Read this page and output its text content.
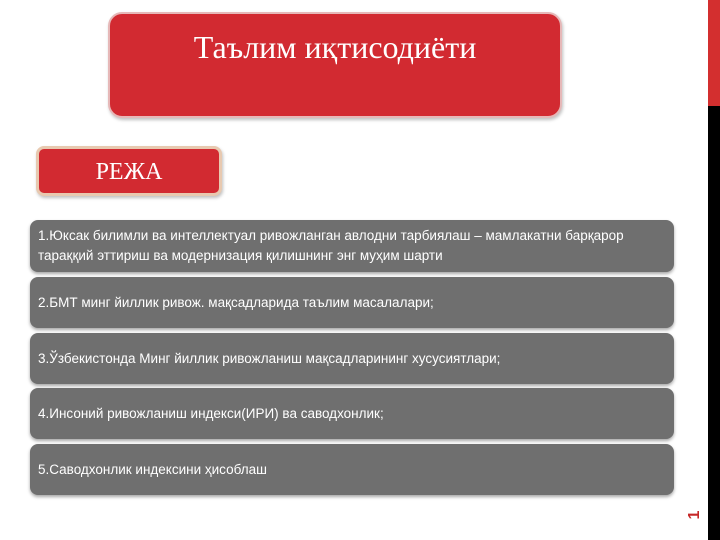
1
Таълим иқтисодиёти
РЕЖА
1.Юксак билимли ва интеллектуал ривожланган авлодни тарбиялаш – мамлакатни барқарор тараққий эттириш ва модернизация қилишнинг энг муҳим шарти
2.БМТ минг йиллик ривож. мақсадларида таълим масалалари;
3.Ўзбекистонда Минг йиллик ривожланиш мақсадларининг хусусиятлари;
4.Инсоний ривожланиш индекси(ИРИ) ва саводхонлик;
5.Саводхонлик индексини ҳисоблаш
